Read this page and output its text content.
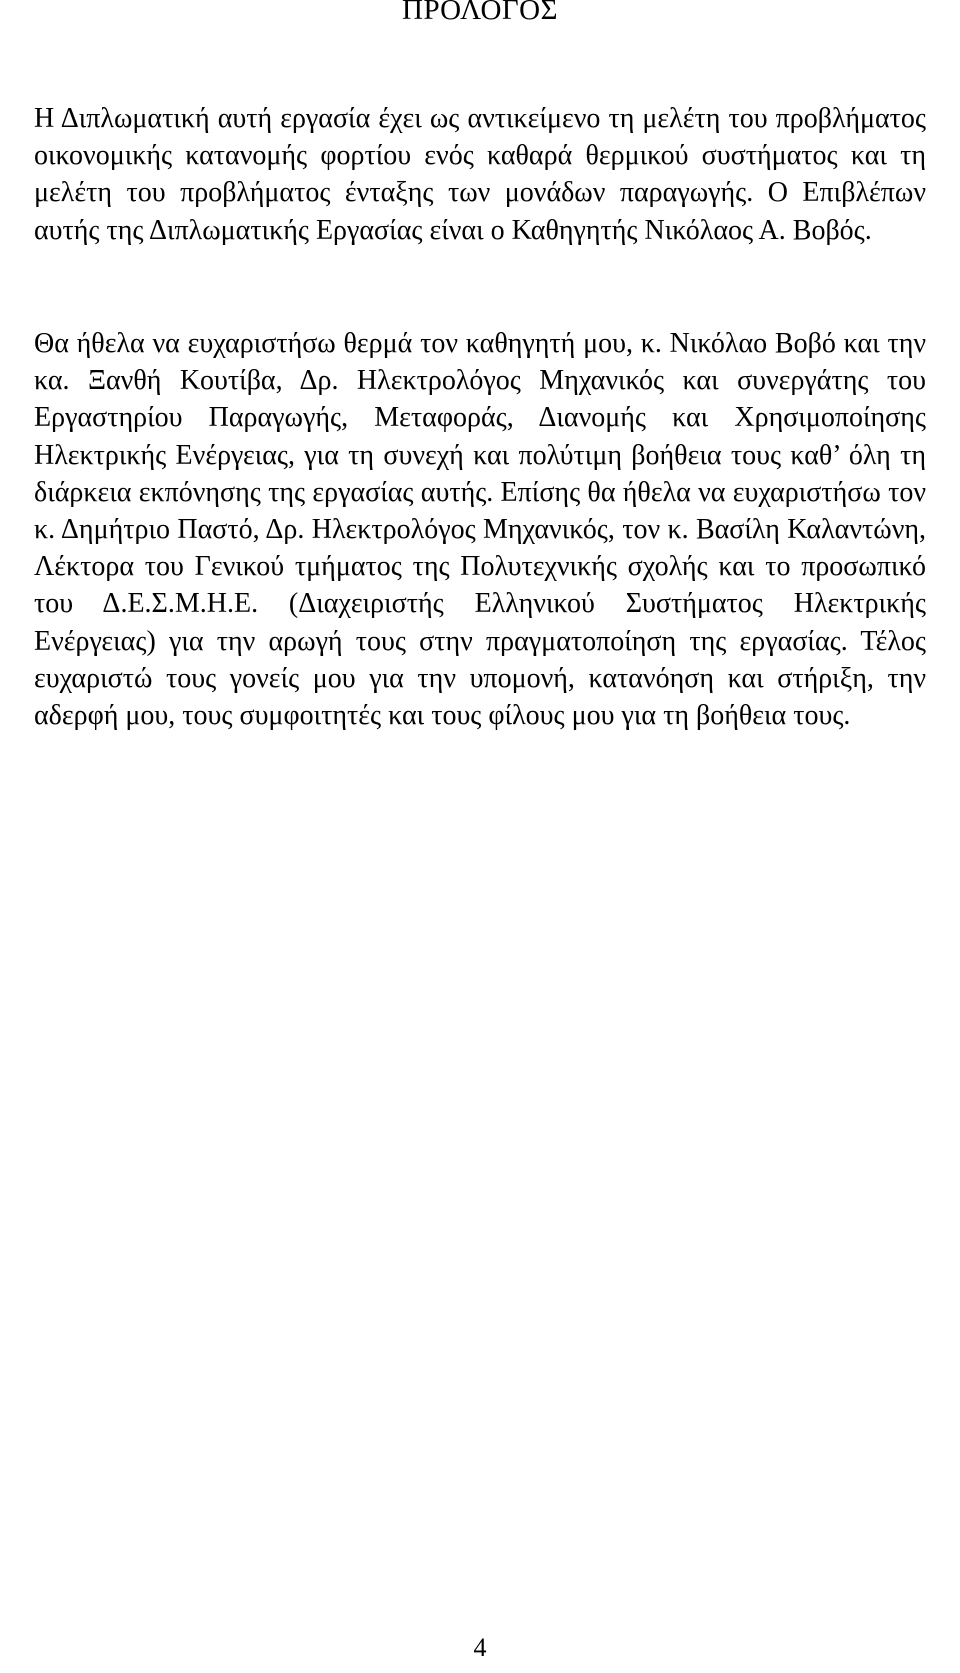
ΠΡΟΛΟΓΟΣ

Η Διπλωματική αυτή εργασία έχει ως αντικείμενο τη μελέτη του προβλήματος οικονομικής κατανομής φορτίου ενός καθαρά θερμικού συστήματος και τη μελέτη του προβλήματος ένταξης των μονάδων παραγωγής. Ο Επιβλέπων αυτής της Διπλωματικής Εργασίας είναι ο Καθηγητής Νικόλαος Α. Βοβός.

Θα ήθελα να ευχαριστήσω θερμά τον καθηγητή μου, κ. Νικόλαο Βοβό και την κα. Ξανθή Κουτίβα, Δρ. Ηλεκτρολόγος Μηχανικός και συνεργάτης του Εργαστηρίου Παραγωγής, Μεταφοράς, Διανομής και Χρησιμοποίησης Ηλεκτρικής Ενέργειας, για τη συνεχή και πολύτιμη βοήθεια τους καθ’ όλη τη διάρκεια εκπόνησης της εργασίας αυτής. Επίσης θα ήθελα να ευχαριστήσω τον κ. Δημήτριο Παστό, Δρ. Ηλεκτρολόγος Μηχανικός, τον κ. Βασίλη Καλαντώνη, Λέκτορα του Γενικού τμήματος της Πολυτεχνικής σχολής και το προσωπικό του Δ.Ε.Σ.Μ.Η.Ε. (Διαχειριστής Ελληνικού Συστήματος Ηλεκτρικής Ενέργειας) για την αρωγή τους στην πραγματοποίηση της εργασίας. Τέλος ευχαριστώ τους γονείς μου για την υπομονή, κατανόηση και στήριξη, την αδερφή μου, τους συμφοιτητές και τους φίλους μου για τη βοήθεια τους.

4
